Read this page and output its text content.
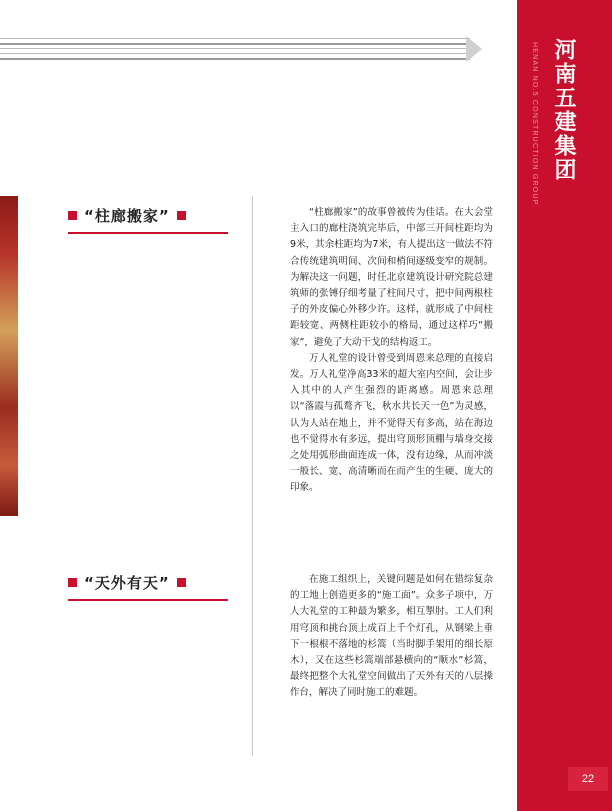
河南五建集团
HENAN NO.5 CONSTRUCTION GROUP
“柱廊搬家”	“柱廊搬家”的故事曾被传为佳话。在大会堂主入口的廊柱浇筑完毕后，中部三开间柱距均为9米，其余柱距均为7米，有人提出这一做法不符合传统建筑明间、次间和梢间逐级变窄的规制。为解决这一问题，时任北京建筑设计研究院总建筑师的张镈仔细考量了柱间尺寸，把中间两根柱子的外皮偏心外移少许。这样，就形成了中间柱距较宽、两侧柱距较小的格局，通过这样巧“搬家”，避免了大动干戈的结构返工。

万人礼堂的设计曾受到周恩来总理的直接启发。万人礼堂净高33米的超大室内空间，会让步入其中的人产生强烈的距离感。周恩来总理以“落霞与孤鹜齐飞，秋水共长天一色”为灵感，认为人站在地上，并不觉得天有多高，站在海边也不觉得水有多远，提出穹顶形顶棚与墙身交接之处用弧形曲面连成一体，没有边缘，从而冲淡一般长、宽、高清晰而在而产生的生硬、庞大的印象。

“天外有天”	在施工组织上，关键问题是如何在错综复杂的工地上创造更多的“施工面”。众多子项中，万人大礼堂的工种最为繁多，相互掣肘。工人们利用穹顶和挑台顶上成百上千个灯孔，从钢梁上垂下一根根不落地的杉篙（当时脚手架用的细长原木），又在这些杉篙端部悬横向的“顺水”杉篙，最终把整个大礼堂空间做出了天外有天的八层操作台，解决了同时施工的难题。

22
